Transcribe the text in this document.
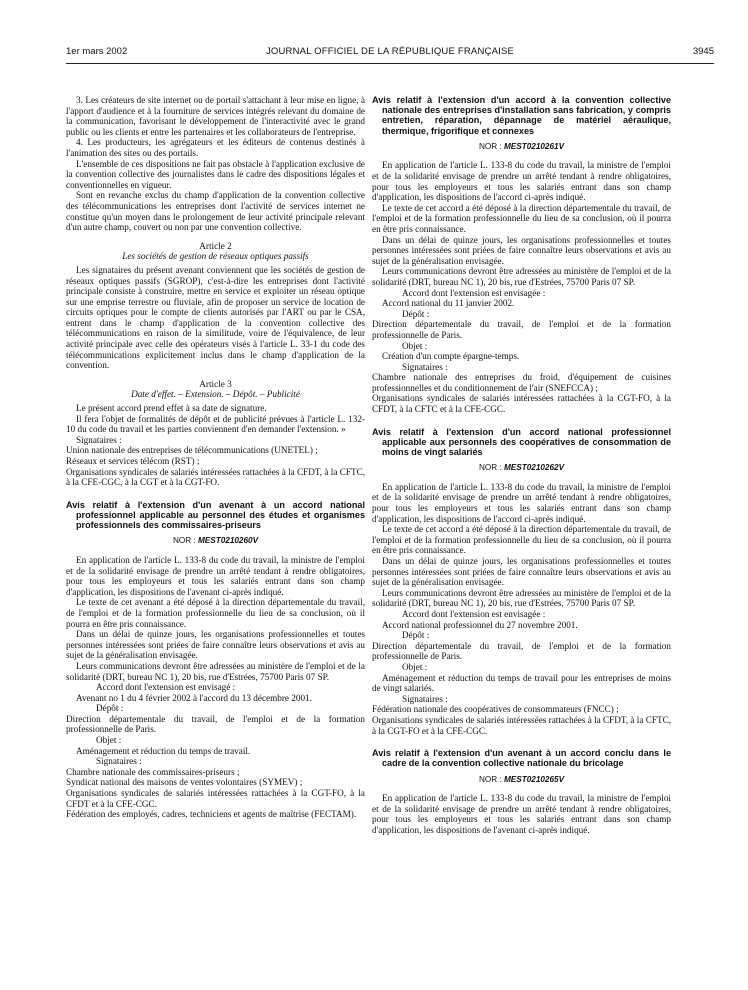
1er mars 2002	JOURNAL OFFICIEL DE LA RÉPUBLIQUE FRANÇAISE	3945

3. Les créateurs de site internet ou de portail s'attachant à leur mise en ligne, à l'apport d'audience et à la fourniture de services intégrés relevant du domaine de la communication, favorisant le développement de l'interactivité avec le grand public ou les clients et entre les partenaires et les collaborateurs de l'entreprise.

4. Les producteurs, les agrégateurs et les éditeurs de contenus destinés à l'animation des sites ou des portails.

L'ensemble de ces dispositions ne fait pas obstacle à l'application exclusive de la convention collective des journalistes dans le cadre des dispositions légales et conventionnelles en vigueur.

Sont en revanche exclus du champ d'application de la convention collective des télécommunications les entreprises dont l'activité de services internet ne constitue qu'un moyen dans le prolongement de leur activité principale relevant d'un autre champ, couvert ou non par une convention collective.

Article 2
Les sociétés de gestion de réseaux optiques passifs

Les signataires du présent avenant conviennent que les sociétés de gestion de réseaux optiques passifs (SGROP), c'est-à-dire les entreprises dont l'activité principale consiste à construire, mettre en service et exploiter un réseau optique sur une emprise terrestre ou fluviale, afin de proposer un service de location de circuits optiques pour le compte de clients autorisés par l'ART ou par le CSA, entrent dans le champ d'application de la convention collective des télécommunications en raison de la similitude, voire de l'équivalence, de leur activité principale avec celle des opérateurs visés à l'article L. 33-1 du code des télécommunications explicitement inclus dans le champ d'application de la convention.

Article 3
Date d'effet. – Extension. – Dépôt. – Publicité

Le présent accord prend effet à sa date de signature.

Il fera l'objet de formalités de dépôt et de publicité prévues à l'article L. 132-10 du code du travail et les parties conviennent d'en demander l'extension. »

Signataires :

Union nationale des entreprises de télécommunications (UNETEL) ;

Réseaux et services télécom (RST) ;

Organisations syndicales de salariés intéressées rattachées à la CFDT, à la CFTC, à la CFE-CGC, à la CGT et à la CGT-FO.

Avis relatif à l'extension d'un avenant à un accord national professionnel applicable au personnel des études et organismes professionnels des commissaires-priseurs
NOR : MEST0210260V

En application de l'article L. 133-8 du code du travail, la ministre de l'emploi et de la solidarité envisage de prendre un arrêté tendant à rendre obligatoires, pour tous les employeurs et tous les salariés entrant dans son champ d'application, les dispositions de l'avenant ci-après indiqué.

Le texte de cet avenant a été déposé à la direction départementale du travail, de l'emploi et de la formation professionnelle du lieu de sa conclusion, où il pourra en être pris connaissance.

Dans un délai de quinze jours, les organisations professionnelles et toutes personnes intéressées sont priées de faire connaître leurs observations et avis au sujet de la généralisation envisagée.

Leurs communications devront être adressées au ministère de l'emploi et de la solidarité (DRT, bureau NC 1), 20 bis, rue d'Estrées, 75700 Paris 07 SP.

Accord dont l'extension est envisagé :

Avenant no 1 du 4 février 2002 à l'accord du 13 décembre 2001.

Dépôt :

Direction départementale du travail, de l'emploi et de la formation professionnelle de Paris.

Objet :

Aménagement et réduction du temps de travail.

Signataires :

Chambre nationale des commissaires-priseurs ;

Syndicat national des maisons de ventes volontaires (SYMEV) ;

Organisations syndicales de salariés intéressées rattachées à la CGT-FO, à la CFDT et à la CFE-CGC.

Fédération des employés, cadres, techniciens et agents de maîtrise (FECTAM).

Avis relatif à l'extension d'un accord à la convention collective nationale des entreprises d'installation sans fabrication, y compris entretien, réparation, dépannage de matériel aéraulique, thermique, frigorifique et connexes
NOR : MEST0210261V

En application de l'article L. 133-8 du code du travail, la ministre de l'emploi et de la solidarité envisage de prendre un arrêté tendant à rendre obligatoires, pour tous les employeurs et tous les salariés entrant dans son champ d'application, les dispositions de l'accord ci-après indiqué.

Le texte de cet accord a été déposé à la direction départementale du travail, de l'emploi et de la formation professionnelle du lieu de sa conclusion, où il pourra en être pris connaissance.

Dans un délai de quinze jours, les organisations professionnelles et toutes personnes intéressées sont priées de faire connaître leurs observations et avis au sujet de la généralisation envisagée.

Leurs communications devront être adressées au ministère de l'emploi et de la solidarité (DRT, bureau NC 1), 20 bis, rue d'Estrées, 75700 Paris 07 SP.

Accord dont l'extension est envisagée :

Accord national du 11 janvier 2002.

Dépôt :

Direction départementale du travail, de l'emploi et de la formation professionnelle de Paris.

Objet :

Création d'un compte épargne-temps.

Signataires :

Chambre nationale des entreprises du froid, d'équipement de cuisines professionnelles et du conditionnement de l'air (SNEFCCA) ;

Organisations syndicales de salariés intéressées rattachées à la CGT-FO, à la CFDT, à la CFTC et à la CFE-CGC.

Avis relatif à l'extension d'un accord national professionnel applicable aux personnels des coopératives de consommation de moins de vingt salariés
NOR : MEST0210262V

En application de l'article L. 133-8 du code du travail, la ministre de l'emploi et de la solidarité envisage de prendre un arrêté tendant à rendre obligatoires, pour tous les employeurs et tous les salariés entrant dans son champ d'application, les dispositions de l'accord ci-après indiqué.

Le texte de cet accord a été déposé à la direction départementale du travail, de l'emploi et de la formation professionnelle du lieu de sa conclusion, où il pourra en être pris connaissance.

Dans un délai de quinze jours, les organisations professionnelles et toutes personnes intéressées sont priées de faire connaître leurs observations et avis au sujet de la généralisation envisagée.

Leurs communications devront être adressées au ministère de l'emploi et de la solidarité (DRT, bureau NC 1), 20 bis, rue d'Estrées, 75700 Paris 07 SP.

Accord dont l'extension est envisagée :

Accord national professionnel du 27 novembre 2001.

Dépôt :

Direction départementale du travail, de l'emploi et de la formation professionnelle de Paris.

Objet :

Aménagement et réduction du temps de travail pour les entreprises de moins de vingt salariés.

Signataires :

Fédération nationale des coopératives de consommateurs (FNCC) ;

Organisations syndicales de salariés intéressées rattachées à la CFDT, à la CFTC, à la CGT-FO et à la CFE-CGC.

Avis relatif à l'extension d'un avenant à un accord conclu dans le cadre de la convention collective nationale du bricolage
NOR : MEST0210265V

En application de l'article L. 133-8 du code du travail, la ministre de l'emploi et de la solidarité envisage de prendre un arrêté tendant à rendre obligatoires, pour tous les employeurs et tous les salariés entrant dans son champ d'application, les dispositions de l'avenant ci-après indiqué.
